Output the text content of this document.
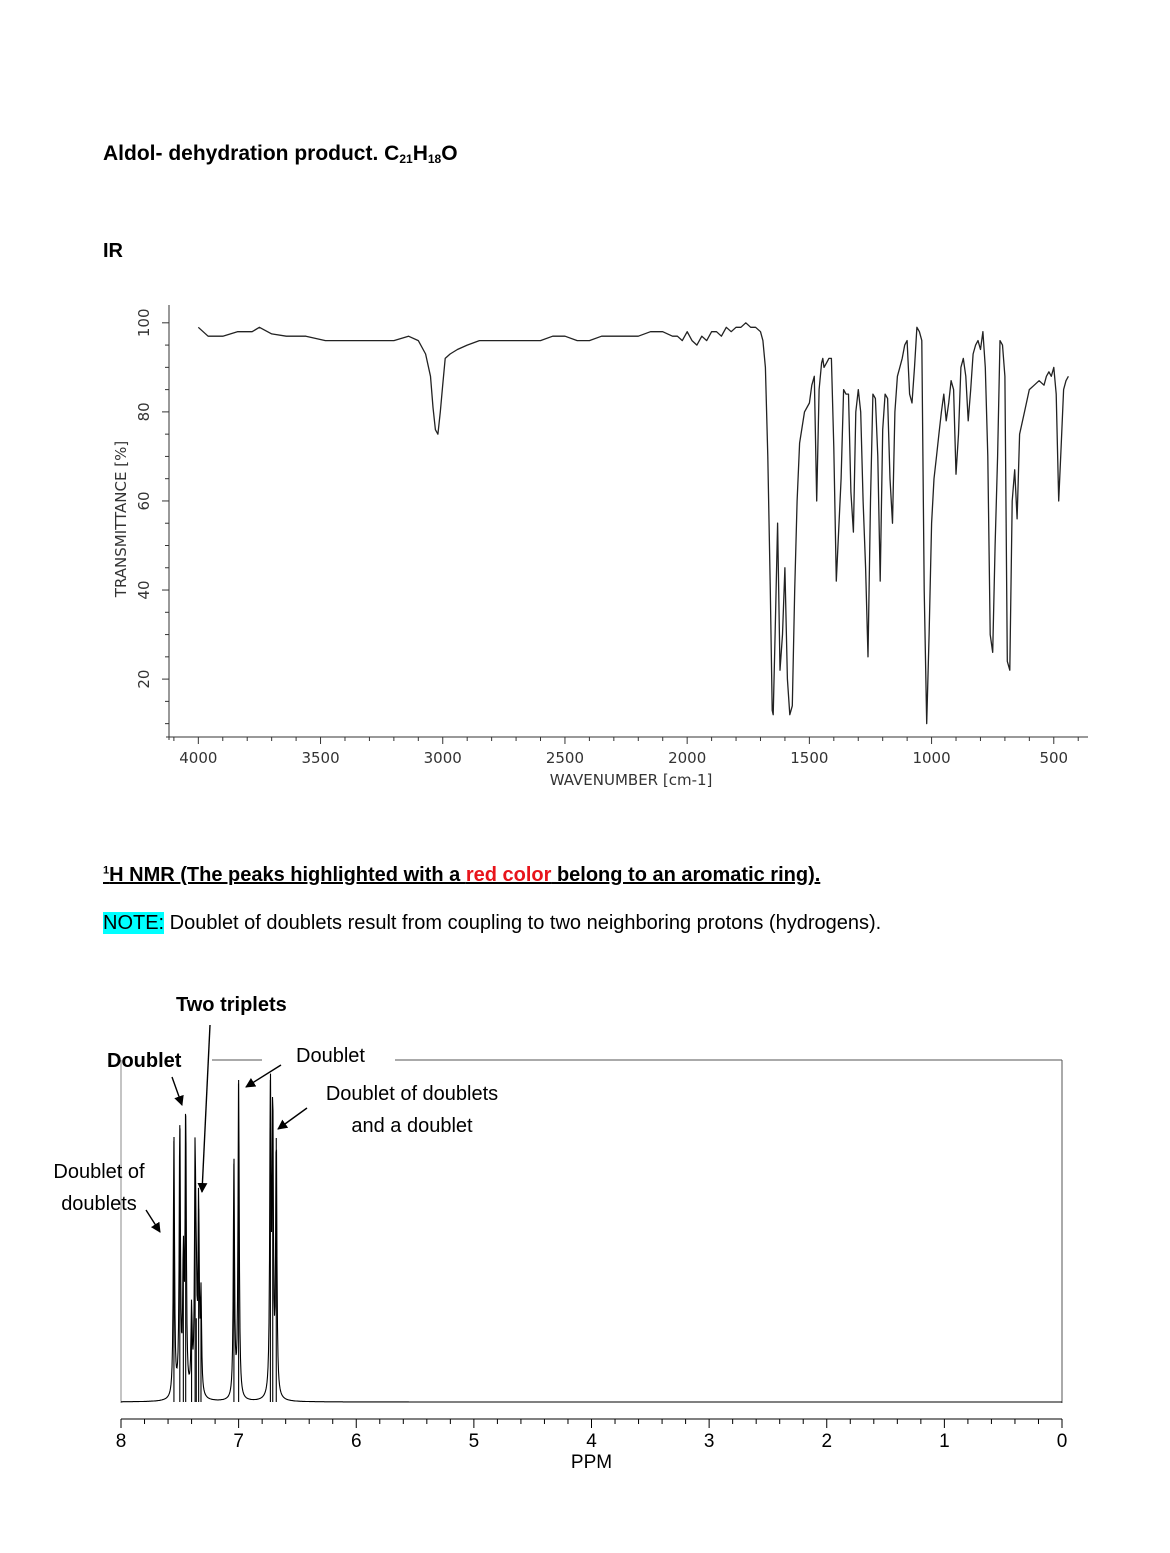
Aldol- dehydration product. $C_{21}H_{18}O$
IR
$^1$H NMR (The peaks highlighted with a red color belong to an aromatic ring).
NOTE: Doublet of doublets result from coupling to two neighboring protons (hydrogens).
20
40
60
80
100
4000	3500	3000	2500	2000	1500	1000	500
WAVENUMBER [cm-1]
TRANSMITTANCE [%]
8	7	6	5	4	3	2	1	0
PPM
Two triplets
Doublet	Doublet
Doublet of doublets
and a doublet
Doublet of
doublets
